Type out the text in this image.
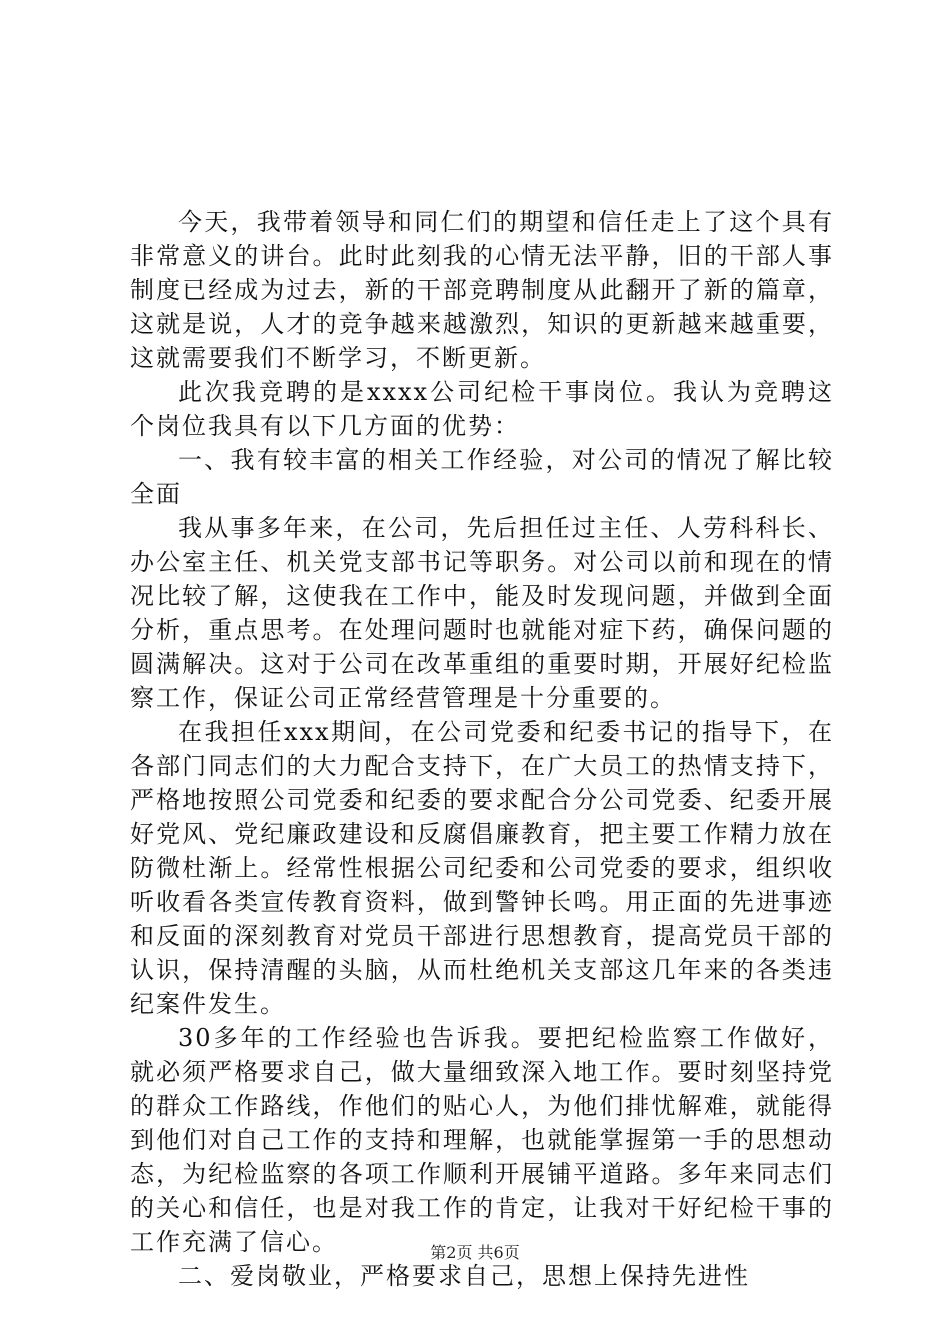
今天，我带着领导和同仁们的期望和信任走上了这个具有非常意义的讲台。此时此刻我的心情无法平静，旧的干部人事制度已经成为过去，新的干部竞聘制度从此翻开了新的篇章，这就是说，人才的竞争越来越激烈，知识的更新越来越重要，这就需要我们不断学习，不断更新。

此次我竞聘的是xxxx公司纪检干事岗位。我认为竞聘这个岗位我具有以下几方面的优势：

一、我有较丰富的相关工作经验，对公司的情况了解比较全面

我从事多年来，在公司，先后担任过主任、人劳科科长、办公室主任、机关党支部书记等职务。对公司以前和现在的情况比较了解，这使我在工作中，能及时发现问题，并做到全面分析，重点思考。在处理问题时也就能对症下药，确保问题的圆满解决。这对于公司在改革重组的重要时期，开展好纪检监察工作，保证公司正常经营管理是十分重要的。

在我担任xxx期间，在公司党委和纪委书记的指导下，在各部门同志们的大力配合支持下，在广大员工的热情支持下，严格地按照公司党委和纪委的要求配合分公司党委、纪委开展好党风、党纪廉政建设和反腐倡廉教育，把主要工作精力放在防微杜渐上。经常性根据公司纪委和公司党委的要求，组织收听收看各类宣传教育资料，做到警钟长鸣。用正面的先进事迹和反面的深刻教育对党员干部进行思想教育，提高党员干部的认识，保持清醒的头脑，从而杜绝机关支部这几年来的各类违纪案件发生。

30多年的工作经验也告诉我。要把纪检监察工作做好，就必须严格要求自己，做大量细致深入地工作。要时刻坚持党的群众工作路线，作他们的贴心人，为他们排忧解难，就能得到他们对自己工作的支持和理解，也就能掌握第一手的思想动态，为纪检监察的各项工作顺利开展铺平道路。多年来同志们的关心和信任，也是对我工作的肯定，让我对干好纪检干事的工作充满了信心。

二、爱岗敬业，严格要求自己，思想上保持先进性

第2页 共6页
